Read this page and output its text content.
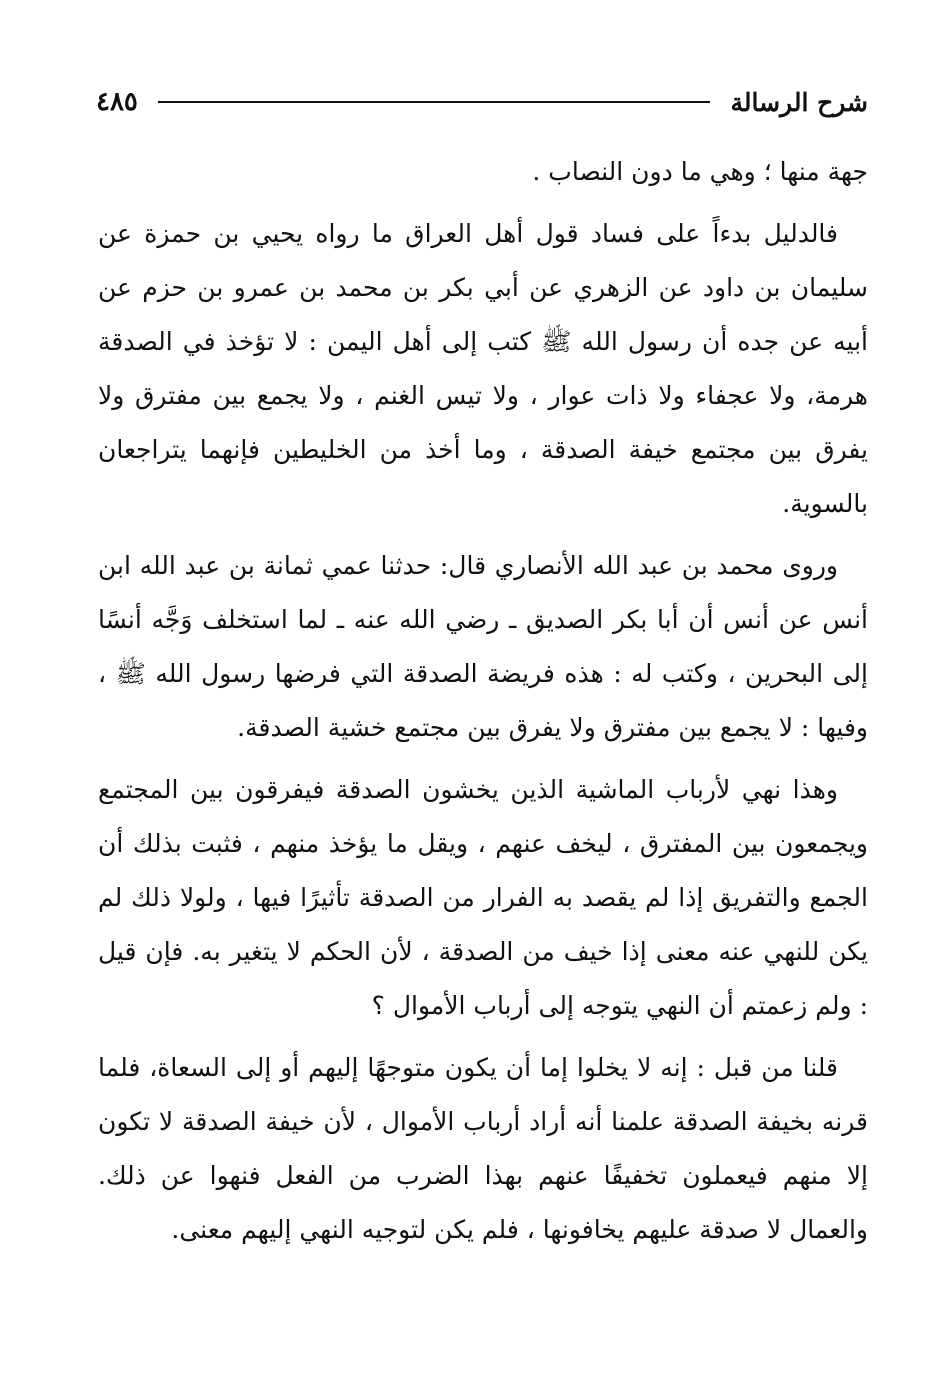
شرح الرسالة
٤٨٥

جهة منها ؛ وهي ما دون النصاب .

فالدليل بدءاً على فساد قول أهل العراق ما رواه يحيي بن حمزة عن سليمان بن داود عن الزهري عن أبي بكر بن محمد بن عمرو بن حزم عن أبيه عن جده أن رسول الله ﷺ كتب إلى أهل اليمن : لا تؤخذ في الصدقة هرمة، ولا عجفاء ولا ذات عوار ، ولا تيس الغنم ، ولا يجمع بين مفترق ولا يفرق بين مجتمع خيفة الصدقة ، وما أخذ من الخليطين فإنهما يتراجعان بالسوية.

وروى محمد بن عبد الله الأنصاري قال: حدثنا عمي ثمانة بن عبد الله ابن أنس عن أنس أن أبا بكر الصديق ـ رضي الله عنه ـ لما استخلف وَجَّه أنسًا إلى البحرين ، وكتب له : هذه فريضة الصدقة التي فرضها رسول الله ﷺ ، وفيها : لا يجمع بين مفترق ولا يفرق بين مجتمع خشية الصدقة.

وهذا نهي لأرباب الماشية الذين يخشون الصدقة فيفرقون بين المجتمع ويجمعون بين المفترق ، ليخف عنهم ، ويقل ما يؤخذ منهم ، فثبت بذلك أن الجمع والتفريق إذا لم يقصد به الفرار من الصدقة تأثيرًا فيها ، ولولا ذلك لم يكن للنهي عنه معنى إذا خيف من الصدقة ، لأن الحكم لا يتغير به. فإن قيل : ولم زعمتم أن النهي يتوجه إلى أرباب الأموال ؟

قلنا من قبل : إنه لا يخلوا إما أن يكون متوجهًا إليهم أو إلى السعاة، فلما قرنه بخيفة الصدقة علمنا أنه أراد أرباب الأموال ، لأن خيفة الصدقة لا تكون إلا منهم فيعملون تخفيفًا عنهم بهذا الضرب من الفعل فنهوا عن ذلك. والعمال لا صدقة عليهم يخافونها ، فلم يكن لتوجيه النهي إليهم معنى.
